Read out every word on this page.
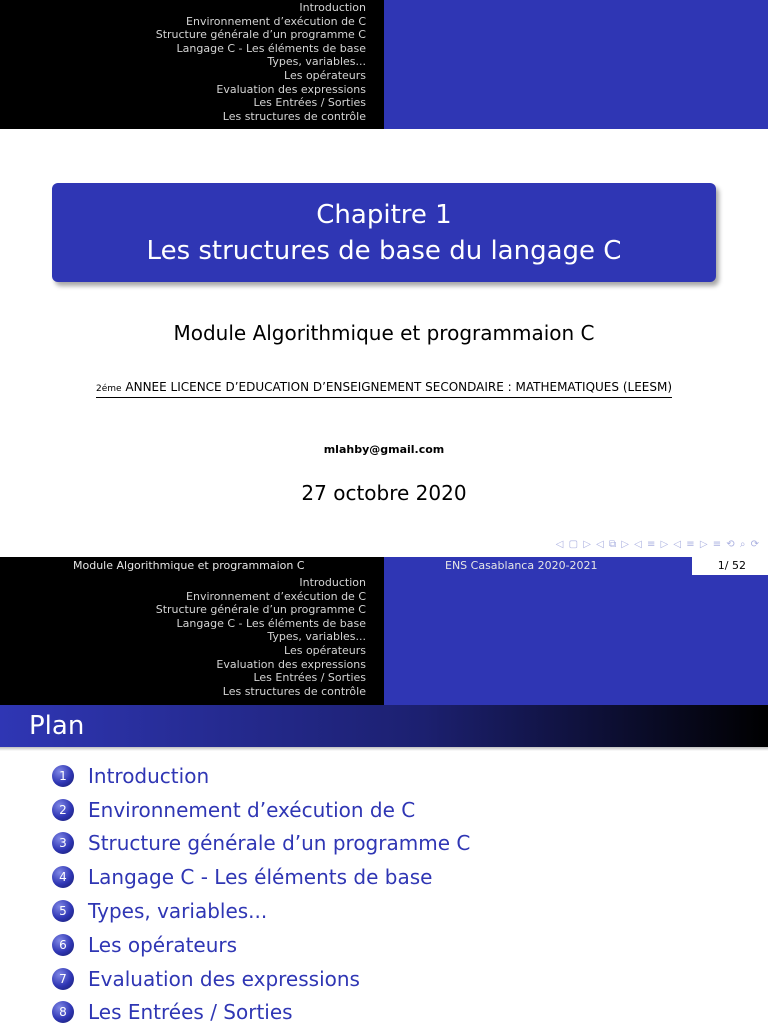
Introduction
Environnement d’exécution de C
Structure générale d’un programme C
Langage C - Les éléments de base
Types, variables...
Les opérateurs
Evaluation des expressions
Les Entrées / Sorties
Les structures de contrôle
Chapitre 1
Les structures de base du langage C
Module Algorithmique et programmaion C
2éme ANNEE LICENCE D’EDUCATION D’ENSEIGNEMENT SECONDAIRE : MATHEMATIQUES (LEESM)
mlahby@gmail.com
27 octobre 2020
◁ ▢ ▷ ◁ ⧉ ▷ ◁ ≡ ▷ ◁ ≡ ▷ ≡ ⟲ ⌕ ⟳
Module Algorithmique et programmaion C	ENS Casablanca 2020-2021	1/ 52
Introduction
Environnement d’exécution de C
Structure générale d’un programme C
Langage C - Les éléments de base
Types, variables...
Les opérateurs
Evaluation des expressions
Les Entrées / Sorties
Les structures de contrôle
Plan
1	Introduction
2	Environnement d’exécution de C
3	Structure générale d’un programme C
4	Langage C - Les éléments de base
5	Types, variables...
6	Les opérateurs
7	Evaluation des expressions
8	Les Entrées / Sorties
